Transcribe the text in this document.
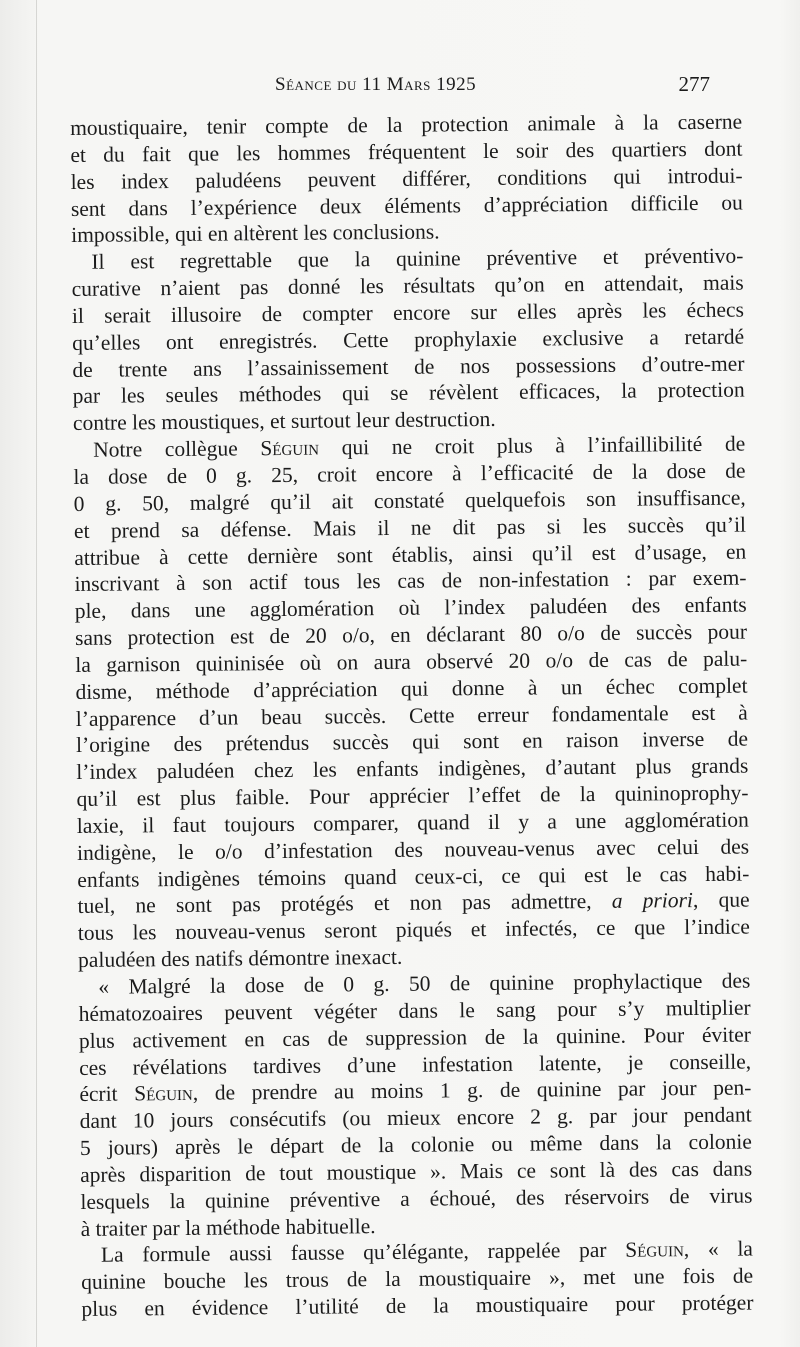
Séance du 11 Mars 1925	277
moustiquaire, tenir compte de la protection animale à la caserne
et du fait que les hommes fréquentent le soir des quartiers dont
les index paludéens peuvent différer, conditions qui introdui-
sent dans l’expérience deux éléments d’appréciation difficile ou
impossible, qui en altèrent les conclusions.
Il est regrettable que la quinine préventive et préventivo-
curative n’aient pas donné les résultats qu’on en attendait, mais
il serait illusoire de compter encore sur elles après les échecs
qu’elles ont enregistrés. Cette prophylaxie exclusive a retardé
de trente ans l’assainissement de nos possessions d’outre-mer
par les seules méthodes qui se révèlent efficaces, la protection
contre les moustiques, et surtout leur destruction.
Notre collègue Séguin qui ne croit plus à l’infaillibilité de
la dose de 0 g. 25, croit encore à l’efficacité de la dose de
0 g. 50, malgré qu’il ait constaté quelquefois son insuffisance,
et prend sa défense. Mais il ne dit pas si les succès qu’il
attribue à cette dernière sont établis, ainsi qu’il est d’usage, en
inscrivant à son actif tous les cas de non-infestation : par exem-
ple, dans une agglomération où l’index paludéen des enfants
sans protection est de 20 o/o, en déclarant 80 o/o de succès pour
la garnison quininisée où on aura observé 20 o/o de cas de palu-
disme, méthode d’appréciation qui donne à un échec complet
l’apparence d’un beau succès. Cette erreur fondamentale est à
l’origine des prétendus succès qui sont en raison inverse de
l’index paludéen chez les enfants indigènes, d’autant plus grands
qu’il est plus faible. Pour apprécier l’effet de la quininoprophy-
laxie, il faut toujours comparer, quand il y a une agglomération
indigène, le o/o d’infestation des nouveau-venus avec celui des
enfants indigènes témoins quand ceux-ci, ce qui est le cas habi-
tuel, ne sont pas protégés et non pas admettre, a priori, que
tous les nouveau-venus seront piqués et infectés, ce que l’indice
paludéen des natifs démontre inexact.
« Malgré la dose de 0 g. 50 de quinine prophylactique des
hématozoaires peuvent végéter dans le sang pour s’y multiplier
plus activement en cas de suppression de la quinine. Pour éviter
ces révélations tardives d’une infestation latente, je conseille,
écrit Séguin, de prendre au moins 1 g. de quinine par jour pen-
dant 10 jours consécutifs (ou mieux encore 2 g. par jour pendant
5 jours) après le départ de la colonie ou même dans la colonie
après disparition de tout moustique ». Mais ce sont là des cas dans
lesquels la quinine préventive a échoué, des réservoirs de virus
à traiter par la méthode habituelle.
La formule aussi fausse qu’élégante, rappelée par Séguin, « la
quinine bouche les trous de la moustiquaire », met une fois de
plus en évidence l’utilité de la moustiquaire pour protéger
